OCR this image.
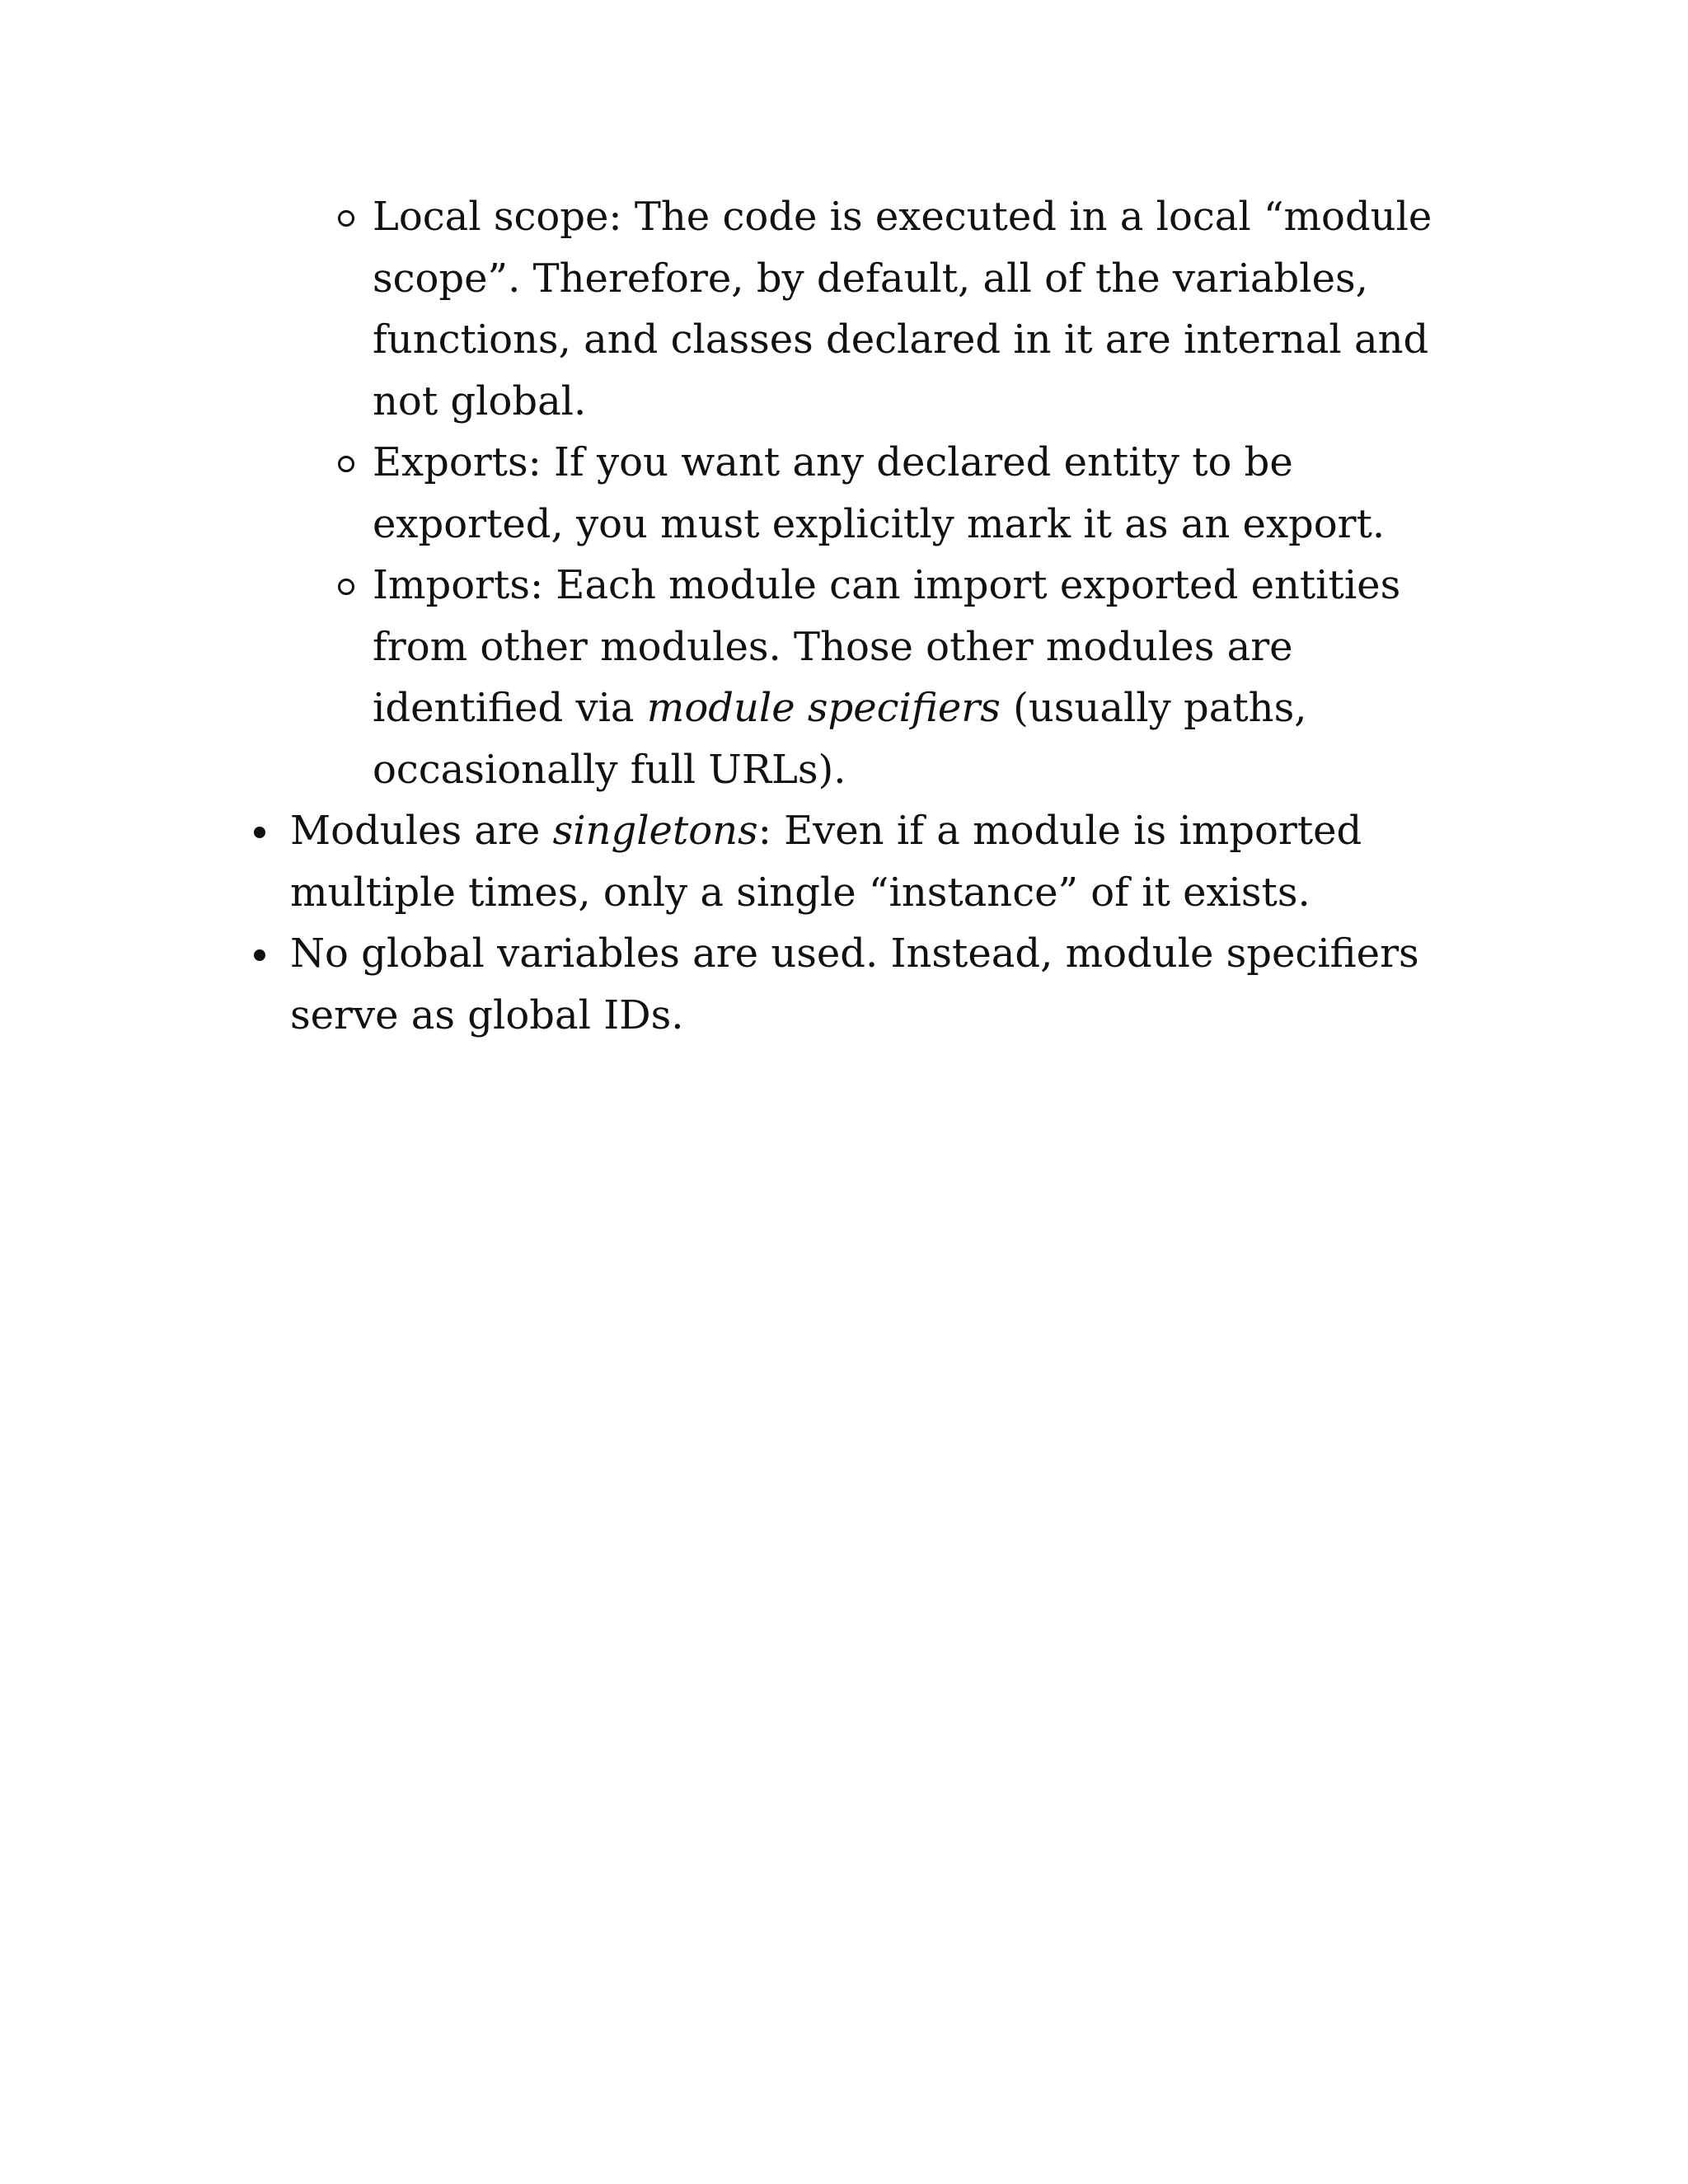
Local scope: The code is executed in a local “module scope”. Therefore, by default, all of the variables, functions, and classes declared in it are internal and not global.
Exports: If you want any declared entity to be exported, you must explicitly mark it as an export.
Imports: Each module can import exported entities from other modules. Those other modules are identified via module specifiers (usually paths, occasionally full URLs).
Modules are singletons: Even if a module is imported multiple times, only a single “instance” of it exists.
No global variables are used. Instead, module specifiers serve as global IDs.
